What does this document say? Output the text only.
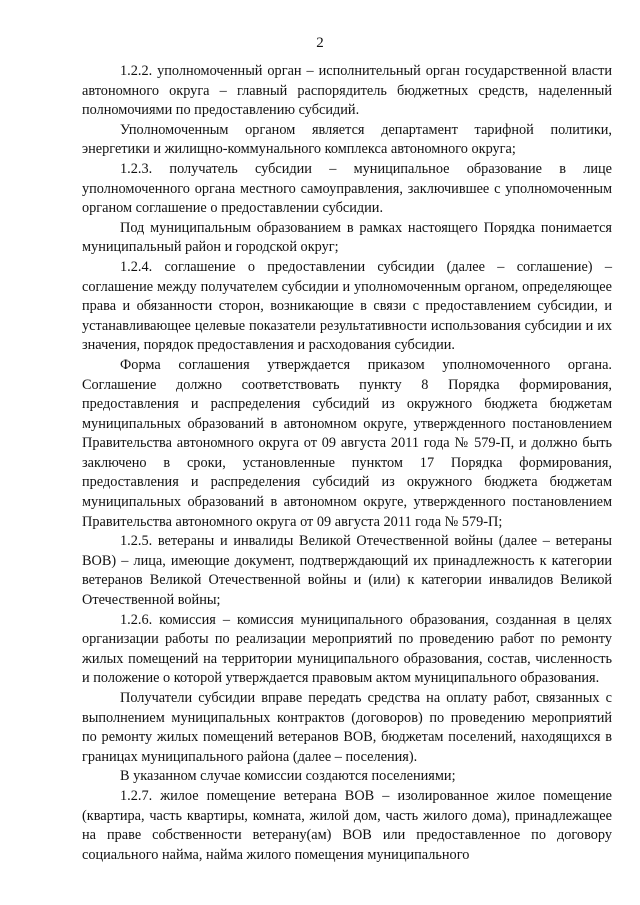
2

1.2.2. уполномоченный орган – исполнительный орган государственной власти автономного округа – главный распорядитель бюджетных средств, наделенный полномочиями по предоставлению субсидий.

Уполномоченным органом является департамент тарифной политики, энергетики и жилищно-коммунального комплекса автономного округа;

1.2.3. получатель субсидии – муниципальное образование в лице уполномоченного органа местного самоуправления, заключившее с уполномоченным органом соглашение о предоставлении субсидии.

Под муниципальным образованием в рамках настоящего Порядка понимается муниципальный район и городской округ;

1.2.4. соглашение о предоставлении субсидии (далее – соглашение) – соглашение между получателем субсидии и уполномоченным органом, определяющее права и обязанности сторон, возникающие в связи с предоставлением субсидии, и устанавливающее целевые показатели результативности использования субсидии и их значения, порядок предоставления и расходования субсидии.

Форма соглашения утверждается приказом уполномоченного органа. Соглашение должно соответствовать пункту 8 Порядка формирования, предоставления и распределения субсидий из окружного бюджета бюджетам муниципальных образований в автономном округе, утвержденного постановлением Правительства автономного округа от 09 августа 2011 года № 579-П, и должно быть заключено в сроки, установленные пунктом 17 Порядка формирования, предоставления и распределения субсидий из окружного бюджета бюджетам муниципальных образований в автономном округе, утвержденного постановлением Правительства автономного округа от 09 августа 2011 года № 579-П;

1.2.5. ветераны и инвалиды Великой Отечественной войны (далее – ветераны ВОВ) – лица, имеющие документ, подтверждающий их принадлежность к категории ветеранов Великой Отечественной войны и (или) к категории инвалидов Великой Отечественной войны;

1.2.6. комиссия – комиссия муниципального образования, созданная в целях организации работы по реализации мероприятий по проведению работ по ремонту жилых помещений на территории муниципального образования, состав, численность и положение о которой утверждается правовым актом муниципального образования.

Получатели субсидии вправе передать средства на оплату работ, связанных с выполнением муниципальных контрактов (договоров) по проведению мероприятий по ремонту жилых помещений ветеранов ВОВ, бюджетам поселений, находящихся в границах муниципального района (далее – поселения).

В указанном случае комиссии создаются поселениями;

1.2.7. жилое помещение ветерана ВОВ – изолированное жилое помещение (квартира, часть квартиры, комната, жилой дом, часть жилого дома), принадлежащее на праве собственности ветерану(ам) ВОВ или предоставленное по договору социального найма, найма жилого помещения муниципального
